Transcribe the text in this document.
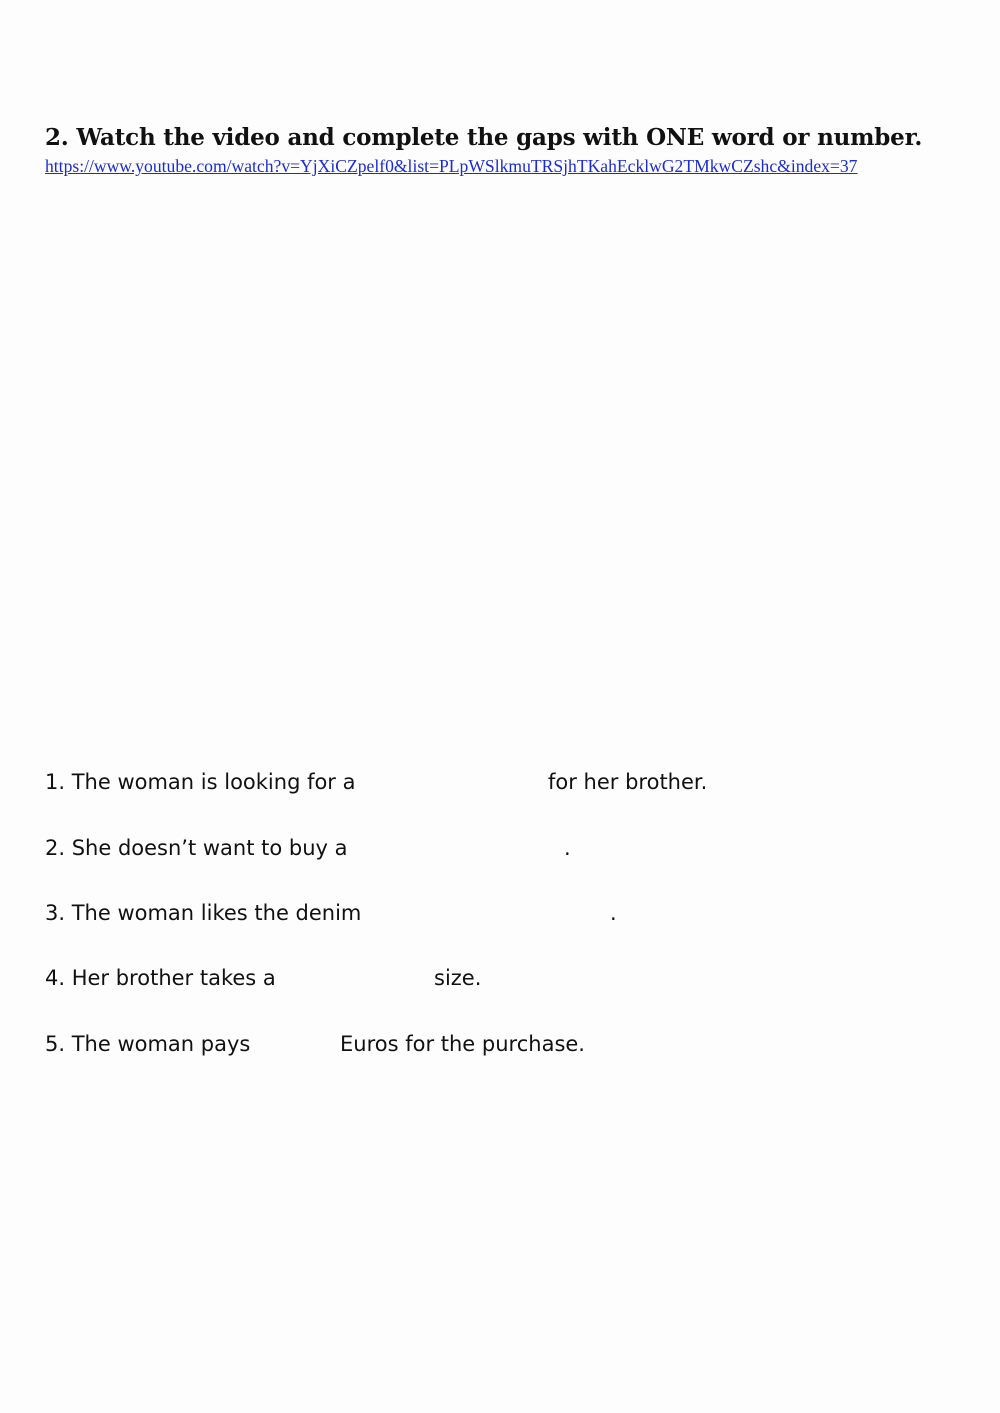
2. Watch the video and complete the gaps with ONE word or number.
https://www.youtube.com/watch?v=YjXiCZpelf0&list=PLpWSlkmuTRSjhTKahEcklwG2TMkwCZshc&index=37
1. The woman is looking for a	for her brother.
2. She doesn’t want to buy a	.
3. The woman likes the denim	.
4. Her brother takes a	size.
5. The woman pays	Euros for the purchase.
